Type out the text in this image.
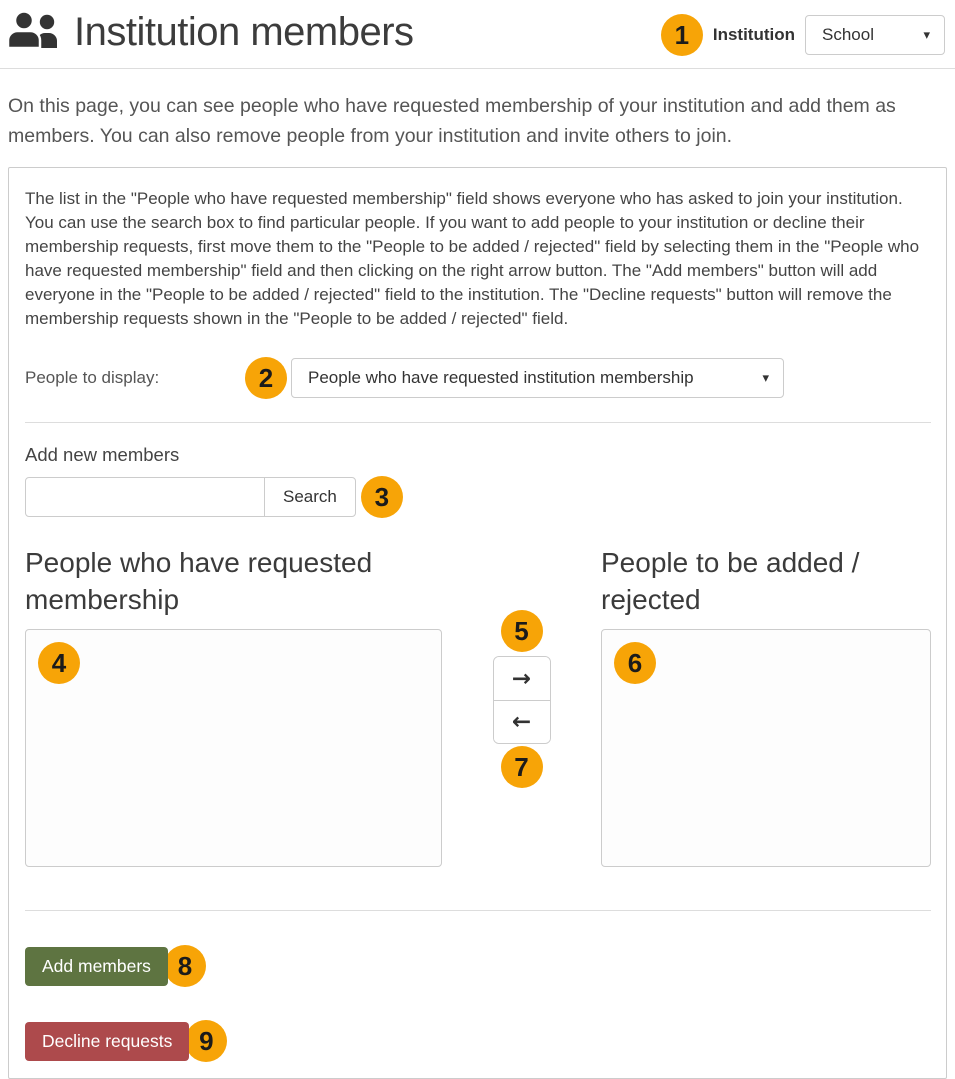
Institution members	1	Institution School	▾

On this page, you can see people who have requested membership of your institution and add them as members. You can also remove people from your institution and invite others to join.

The list in the "People who have requested membership" field shows everyone who has asked to join your institution. You can use the search box to find particular people. If you want to add people to your institution or decline their membership requests, first move them to the "People to be added / rejected" field by selecting them in the "People who have requested membership" field and then clicking on the right arrow button. The "Add members" button will add everyone in the "People to be added / rejected" field to the institution. The "Decline requests" button will remove the membership requests shown in the "People to be added / rejected" field.

People to display:	2	People who have requested institution membership	▾
Add new members
Search	3
People who have requested membership
4
5
→
←
7
People to be added / rejected
6
Add members	8
Decline requests	9
